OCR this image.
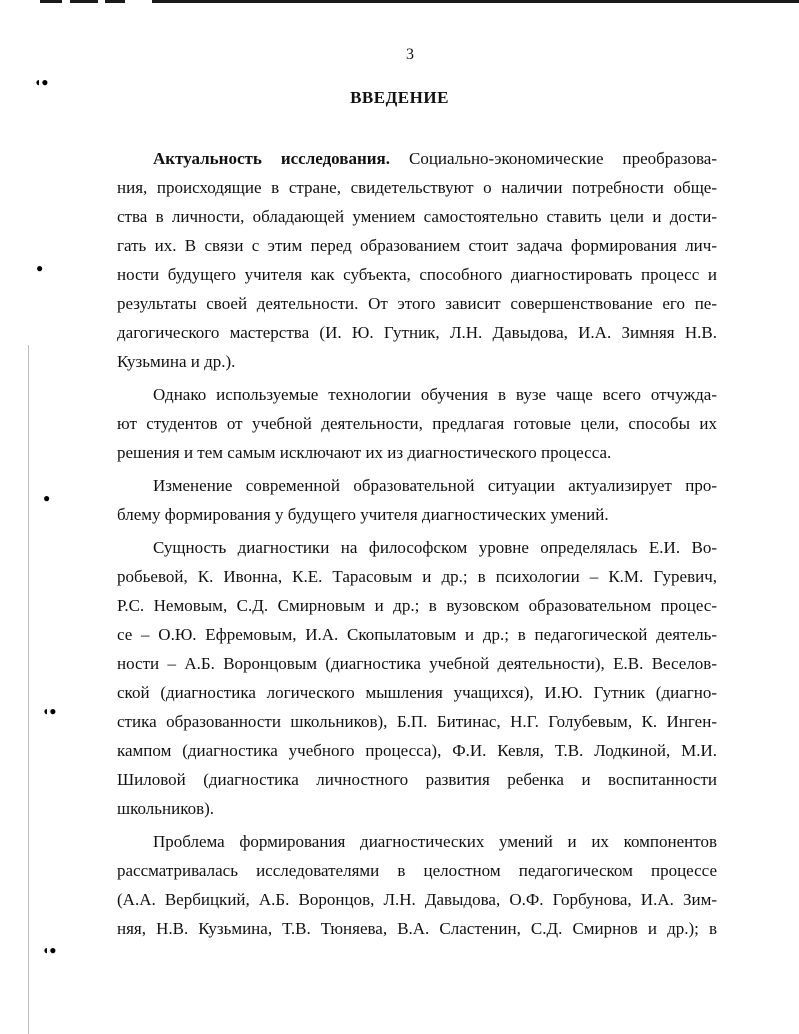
◖●
●
●
◖●
◖●
3
ВВЕДЕНИЕ
Актуальность исследования. Социально-экономические преобразова-
ния, происходящие в стране, свидетельствуют о наличии потребности обще-
ства в личности, обладающей умением самостоятельно ставить цели и дости-
гать их. В связи с этим перед образованием стоит задача формирования лич-
ности будущего учителя как субъекта, способного диагностировать процесс и
результаты своей деятельности. От этого зависит совершенствование его пе-
дагогического мастерства (И. Ю. Гутник, Л.Н. Давыдова, И.А. Зимняя Н.В.
Кузьмина и др.).
Однако используемые технологии обучения в вузе чаще всего отчужда-
ют студентов от учебной деятельности, предлагая готовые цели, способы их
решения и тем самым исключают их из диагностического процесса.
Изменение современной образовательной ситуации актуализирует про-
блему формирования у будущего учителя диагностических умений.
Сущность диагностики на философском уровне определялась Е.И. Во-
робьевой, К. Ивонна, К.Е. Тарасовым и др.; в психологии – К.М. Гуревич,
Р.С. Немовым, С.Д. Смирновым и др.; в вузовском образовательном процес-
се – О.Ю. Ефремовым, И.А. Скопылатовым и др.; в педагогической деятель-
ности – А.Б. Воронцовым (диагностика учебной деятельности), Е.В. Веселов-
ской (диагностика логического мышления учащихся), И.Ю. Гутник (диагно-
стика образованности школьников), Б.П. Битинас, Н.Г. Голубевым, К. Инген-
кампом (диагностика учебного процесса), Ф.И. Кевля, Т.В. Лодкиной, М.И.
Шиловой (диагностика личностного развития ребенка и воспитанности
школьников).
Проблема формирования диагностических умений и их компонентов
рассматривалась исследователями в целостном педагогическом процессе
(А.А. Вербицкий, А.Б. Воронцов, Л.Н. Давыдова, О.Ф. Горбунова, И.А. Зим-
няя, Н.В. Кузьмина, Т.В. Тюняева, В.А. Сластенин, С.Д. Смирнов и др.); в
